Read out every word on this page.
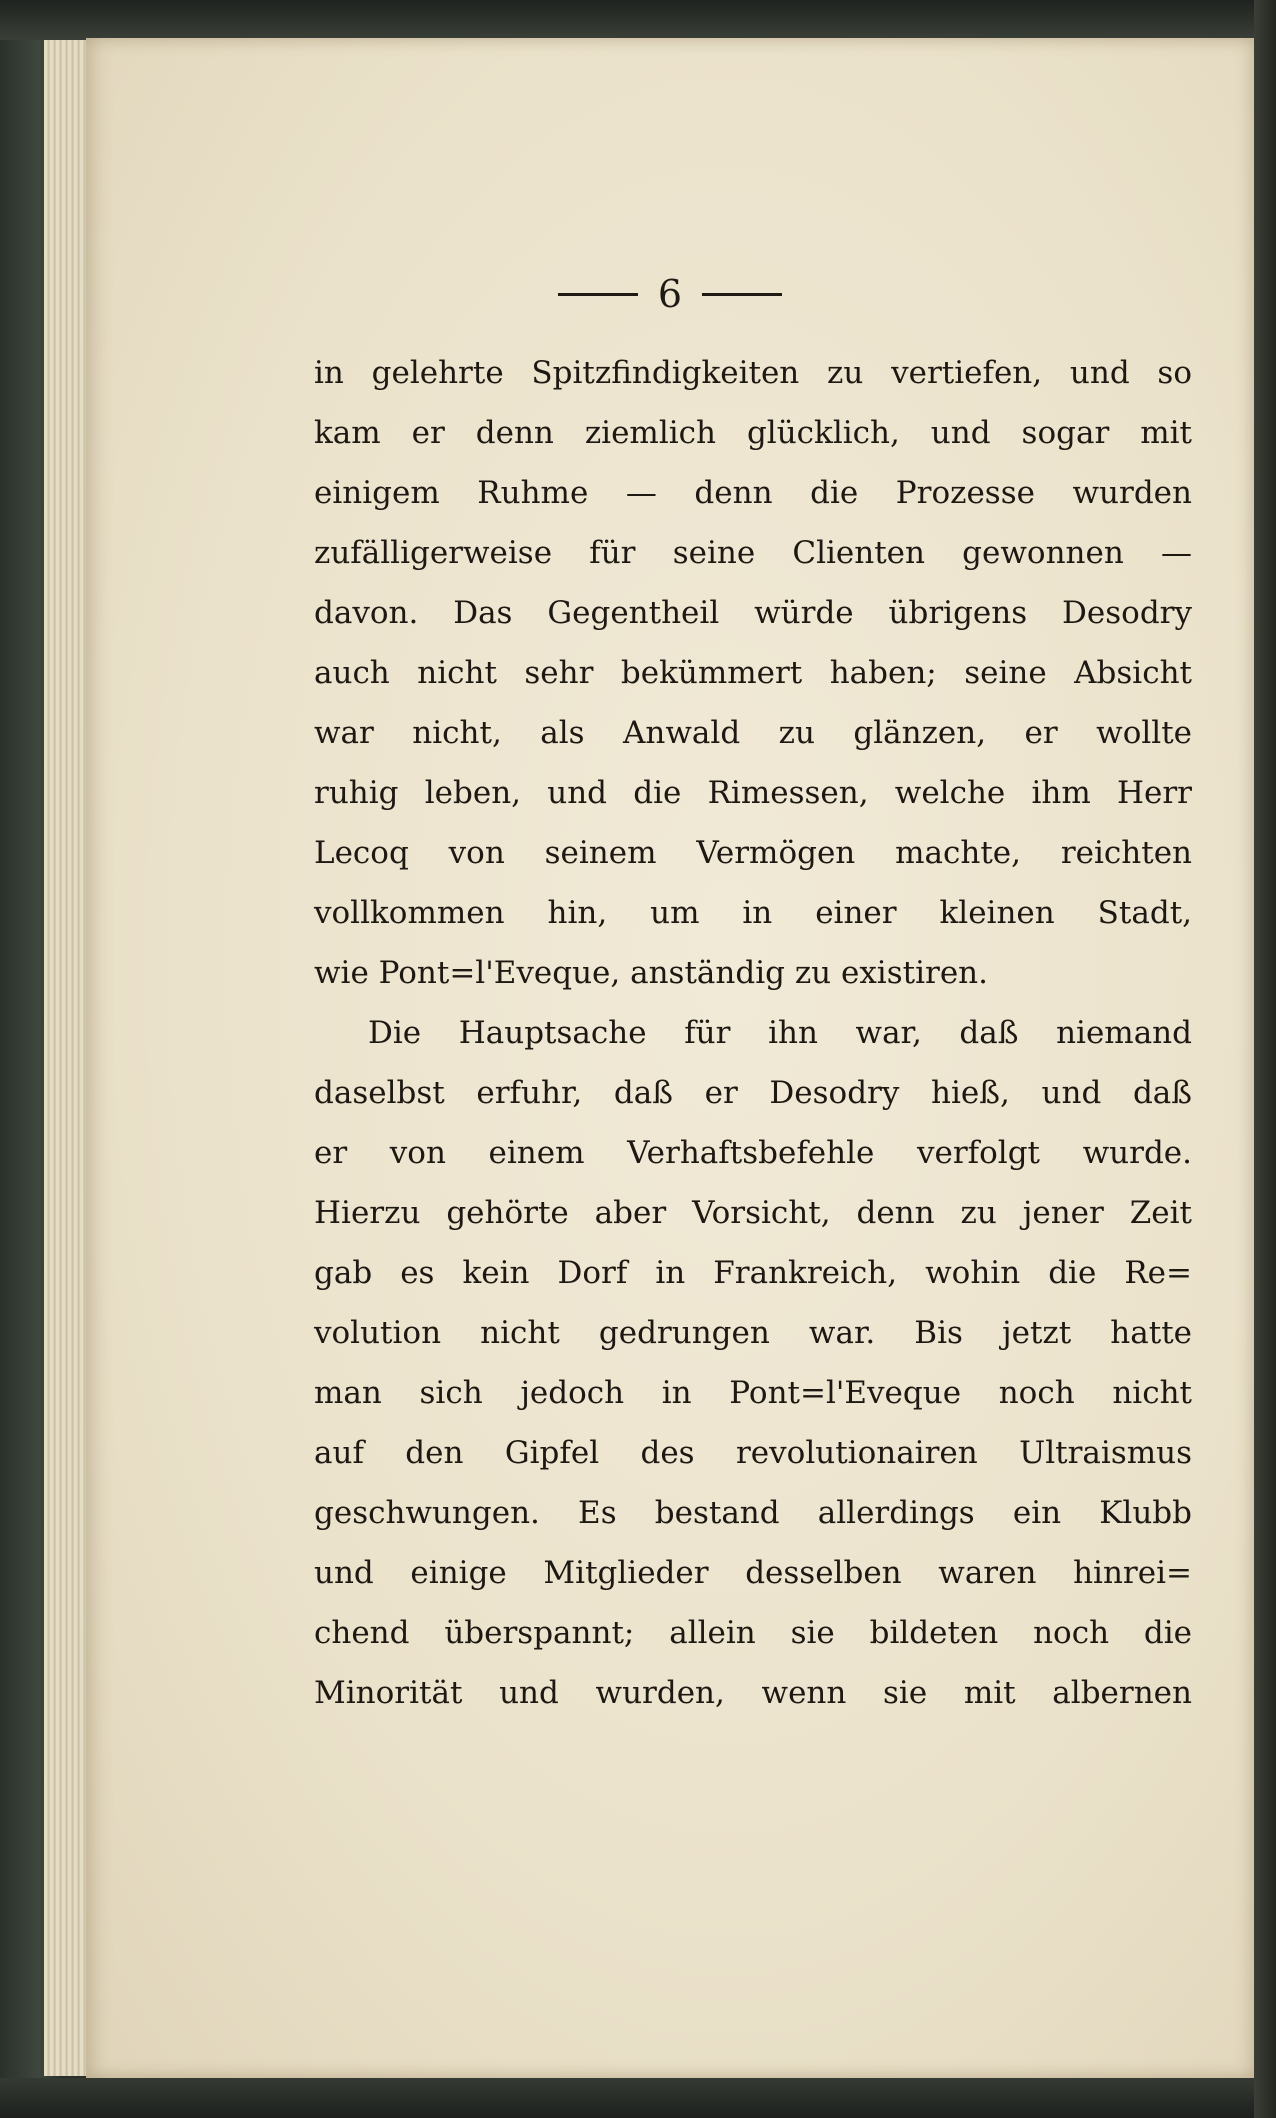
6
in gelehrte Spitzfindigkeiten zu vertiefen, und so
kam er denn ziemlich glücklich, und sogar mit
einigem Ruhme — denn die Prozesse wurden
zufälligerweise für seine Clienten gewonnen —
davon. Das Gegentheil würde übrigens Desodry
auch nicht sehr bekümmert haben; seine Absicht
war nicht, als Anwald zu glänzen, er wollte
ruhig leben, und die Rimessen, welche ihm Herr
Lecoq von seinem Vermögen machte, reichten
vollkommen hin, um in einer kleinen Stadt,
wie Pont=l'Eveque, anständig zu existiren.
Die Hauptsache für ihn war, daß niemand
daselbst erfuhr, daß er Desodry hieß, und daß
er von einem Verhaftsbefehle verfolgt wurde.
Hierzu gehörte aber Vorsicht, denn zu jener Zeit
gab es kein Dorf in Frankreich, wohin die Re=
volution nicht gedrungen war. Bis jetzt hatte
man sich jedoch in Pont=l'Eveque noch nicht
auf den Gipfel des revolutionairen Ultraismus
geschwungen. Es bestand allerdings ein Klubb
und einige Mitglieder desselben waren hinrei=
chend überspannt; allein sie bildeten noch die
Minorität und wurden, wenn sie mit albernen
